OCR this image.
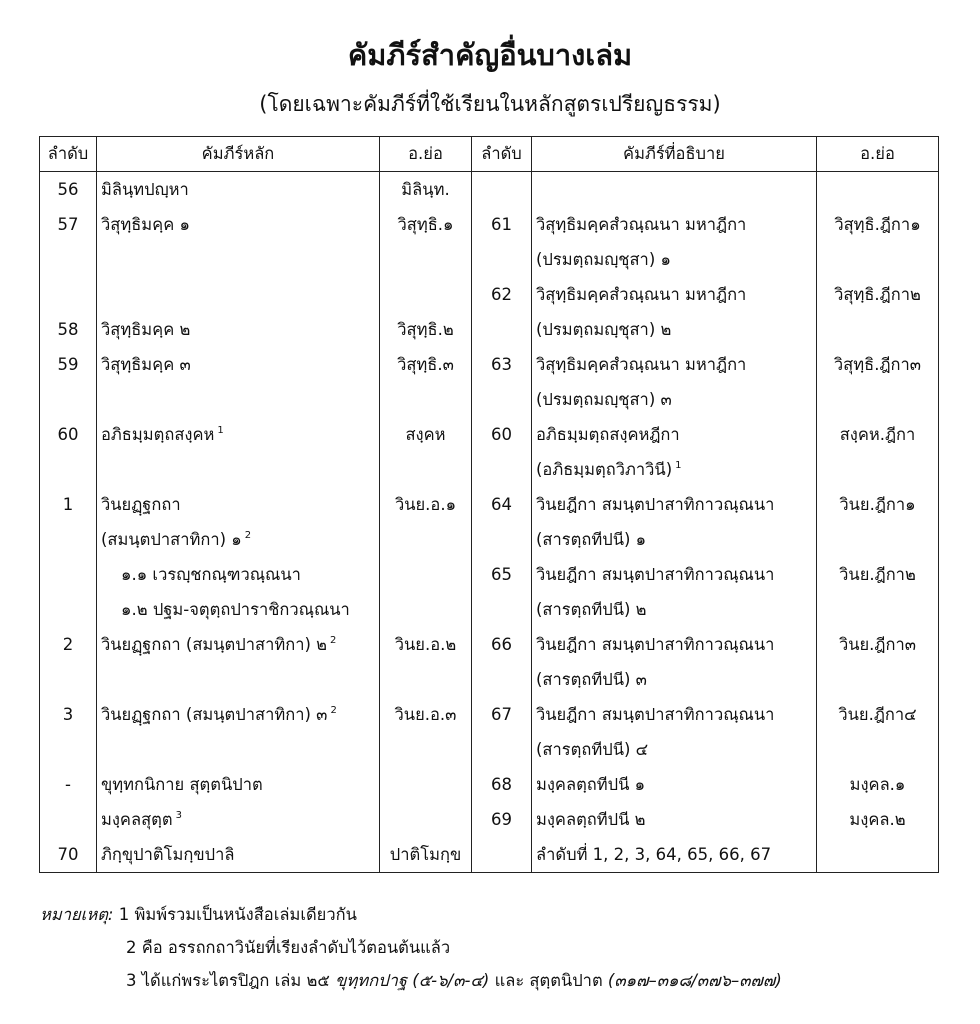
คัมภีร์สำคัญอื่นบางเล่ม
(โดยเฉพาะคัมภีร์ที่ใช้เรียนในหลักสูตรเปรียญธรรม)
ลำดับ	คัมภีร์หลัก	อ.ย่อ	ลำดับ	คัมภีร์ที่อธิบาย	อ.ย่อ
56	มิลินฺทปญฺหา	มิลินฺท.			
57	วิสุทฺธิมคฺค ๑	วิสุทฺธิ.๑	61	วิสุทฺธิมคฺคสํวณฺณนา มหาฎีกา	วิสุทฺธิ.ฎีกา๑
				(ปรมตฺถมญฺชุสา) ๑	
			62	วิสุทฺธิมคฺคสํวณฺณนา มหาฎีกา	วิสุทฺธิ.ฎีกา๒
58	วิสุทฺธิมคฺค ๒	วิสุทฺธิ.๒		(ปรมตฺถมญฺชุสา) ๒	
59	วิสุทฺธิมคฺค ๓	วิสุทฺธิ.๓	63	วิสุทฺธิมคฺคสํวณฺณนา มหาฎีกา	วิสุทฺธิ.ฎีกา๓
				(ปรมตฺถมญฺชุสา) ๓	
60	อภิธมฺมตฺถสงฺคห $^1$	สงฺคห	60	อภิธมฺมตฺถสงฺคหฎีกา	สงฺคห.ฎีกา
				(อภิธมฺมตฺถวิภาวินี) $^1$	
1	วินยฏฺฐกถา	วินย.อ.๑	64	วินยฎีกา สมนฺตปาสาทิกาวณฺณนา	วินย.ฎีกา๑
	(สมนฺตปาสาทิกา) ๑ $^2$			(สารตฺถทีปนี) ๑	
	๑.๑ เวรญฺชกณฺฑวณฺณนา		65	วินยฎีกา สมนฺตปาสาทิกาวณฺณนา	วินย.ฎีกา๒
	๑.๒ ปฐม-จตุตฺถปาราชิกวณฺณนา			(สารตฺถทีปนี) ๒	
2	วินยฏฺฐกถา (สมนฺตปาสาทิกา) ๒ $^2$	วินย.อ.๒	66	วินยฎีกา สมนฺตปาสาทิกาวณฺณนา	วินย.ฎีกา๓
				(สารตฺถทีปนี) ๓	
3	วินยฏฺฐกถา (สมนฺตปาสาทิกา) ๓ $^2$	วินย.อ.๓	67	วินยฎีกา สมนฺตปาสาทิกาวณฺณนา	วินย.ฎีกา๔
				(สารตฺถทีปนี) ๔	
-	ขุทฺทกนิกาย สุตฺตนิปาต		68	มงฺคลตฺถทีปนี ๑	มงฺคล.๑
	มงฺคลสุตฺต $^3$		69	มงฺคลตฺถทีปนี ๒	มงฺคล.๒
70	ภิกฺขุปาติโมกฺขปาลิ	ปาติโมกฺข		ลำดับที่ 1, 2, 3, 64, 65, 66, 67	
หมายเหตุ: 1 พิมพ์รวมเป็นหนังสือเล่มเดียวกัน
2 คือ อรรถกถาวินัยที่เรียงลำดับไว้ตอนต้นแล้ว
3 ได้แก่พระไตรปิฎก เล่ม ๒๕ ขุทฺทกปาฐ (๕-๖/๓-๔) และ สุตฺตนิปาต (๓๑๗–๓๑๘/๓๗๖–๓๗๗)
